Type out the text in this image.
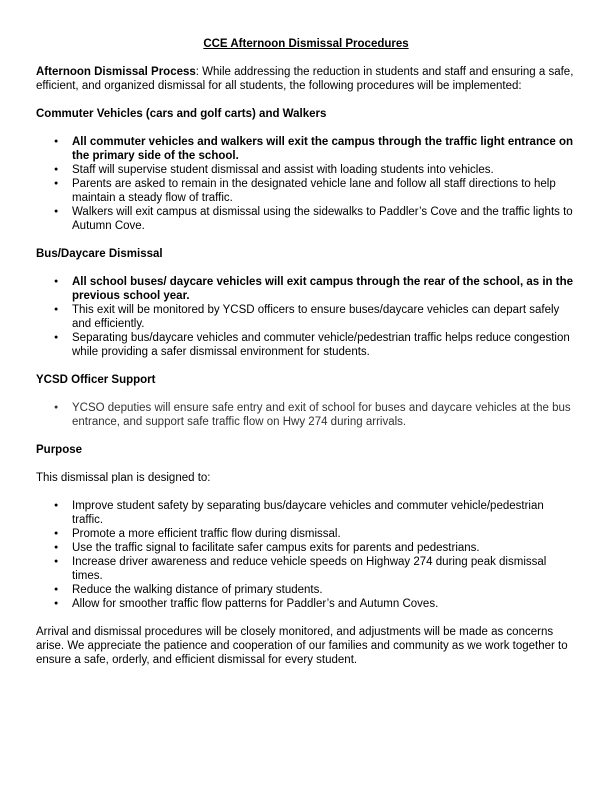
CCE Afternoon Dismissal Procedures

Afternoon Dismissal Process: While addressing the reduction in students and staff and ensuring a safe, efficient, and organized dismissal for all students, the following procedures will be implemented:

Commuter Vehicles (cars and golf carts) and Walkers

● All commuter vehicles and walkers will exit the campus through the traffic light entrance on the primary side of the school.
● Staff will supervise student dismissal and assist with loading students into vehicles.
● Parents are asked to remain in the designated vehicle lane and follow all staff directions to help maintain a steady flow of traffic.
● Walkers will exit campus at dismissal using the sidewalks to Paddler’s Cove and the traffic lights to Autumn Cove.

Bus/Daycare Dismissal

● All school buses/ daycare vehicles will exit campus through the rear of the school, as in the previous school year.
● This exit will be monitored by YCSD officers to ensure buses/daycare vehicles can depart safely and efficiently.
● Separating bus/daycare vehicles and commuter vehicle/pedestrian traffic helps reduce congestion while providing a safer dismissal environment for students.

YCSD Officer Support

● YCSO deputies will ensure safe entry and exit of school for buses and daycare vehicles at the bus entrance, and support safe traffic flow on Hwy 274 during arrivals.

Purpose

This dismissal plan is designed to:

● Improve student safety by separating bus/daycare vehicles and commuter vehicle/pedestrian traffic.
● Promote a more efficient traffic flow during dismissal.
● Use the traffic signal to facilitate safer campus exits for parents and pedestrians.
● Increase driver awareness and reduce vehicle speeds on Highway 274 during peak dismissal times.
● Reduce the walking distance of primary students.
● Allow for smoother traffic flow patterns for Paddler’s and Autumn Coves.

Arrival and dismissal procedures will be closely monitored, and adjustments will be made as concerns arise. We appreciate the patience and cooperation of our families and community as we work together to ensure a safe, orderly, and efficient dismissal for every student.
